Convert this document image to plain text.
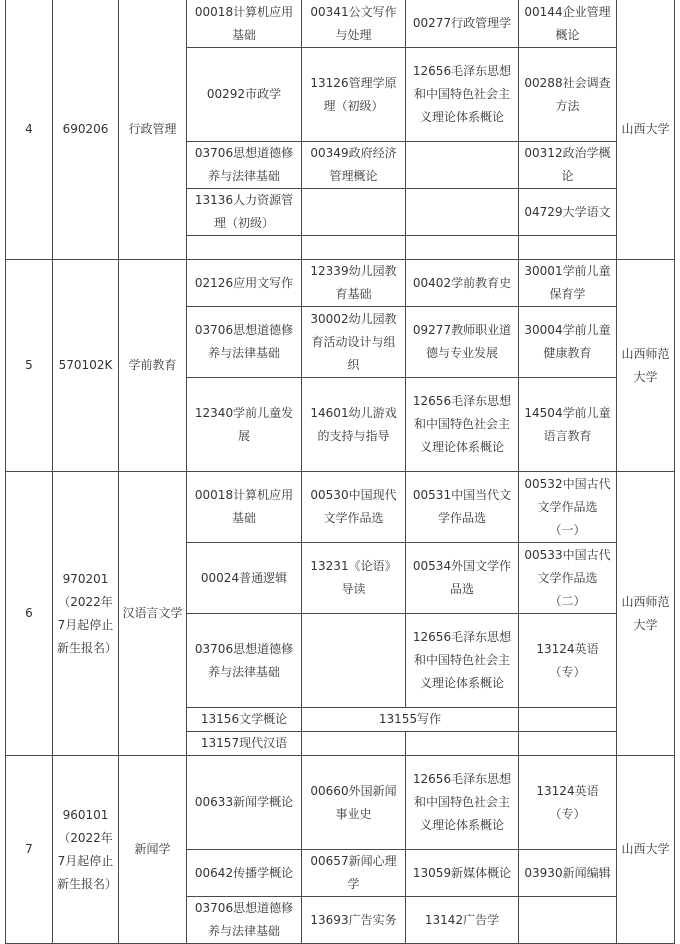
4	690206	行政管理	00018计算机应用基础	00341公文写作与处理	00277行政管理学	00144企业管理概论	山西大学
			00292市政学	13126管理学原理（初级）	12656毛泽东思想和中国特色社会主义理论体系概论	00288社会调查方法	
			03706思想道德修养与法律基础	00349政府经济管理概论		00312政治学概论	
			13136人力资源管理（初级）			04729大学语文	

5	570102K	学前教育	02126应用文写作	12339幼儿园教育基础	00402学前教育史	30001学前儿童保育学	山西师范大学
			03706思想道德修养与法律基础	30002幼儿园教育活动设计与组织	09277教师职业道德与专业发展	30004学前儿童健康教育	
			12340学前儿童发展	14601幼儿游戏的支持与指导	12656毛泽东思想和中国特色社会主义理论体系概论	14504学前儿童语言教育	
6	970201（2022年7月起停止新生报名）	汉语言文学	00018计算机应用基础	00530中国现代文学作品选	00531中国当代文学作品选	00532中国古代文学作品选（一）	山西师范大学
			00024普通逻辑	13231《论语》导读	00534外国文学作品选	00533中国古代文学作品选（二）	
			03706思想道德修养与法律基础		12656毛泽东思想和中国特色社会主义理论体系概论	13124英语（专）	
			13156文学概论	13155写作			
			13157现代汉语				
7	960101（2022年7月起停止新生报名）	新闻学	00633新闻学概论	00660外国新闻事业史	12656毛泽东思想和中国特色社会主义理论体系概论	13124英语（专）	山西大学
			00642传播学概论	00657新闻心理学	13059新媒体概论	03930新闻编辑	
			03706思想道德修养与法律基础	13693广告实务	13142广告学		
